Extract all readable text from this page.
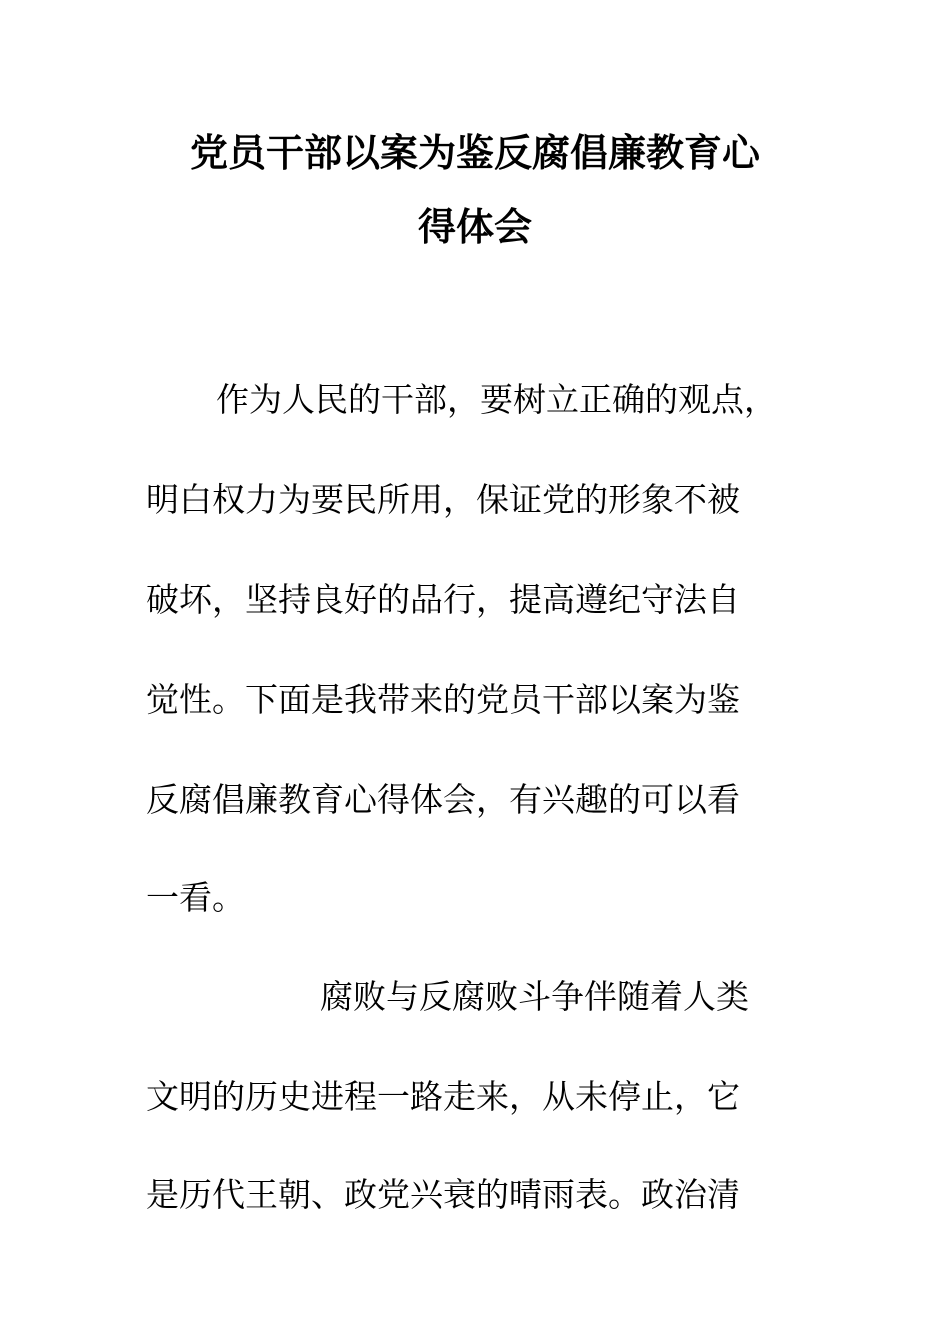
党员干部以案为鉴反腐倡廉教育心
得体会
作为人民的干部，要树立正确的观点，
明白权力为要民所用，保证党的形象不被
破坏，坚持良好的品行，提高遵纪守法自
觉性。下面是我带来的党员干部以案为鉴
反腐倡廉教育心得体会，有兴趣的可以看
一看。
腐败与反腐败斗争伴随着人类
文明的历史进程一路走来，从未停止，它
是历代王朝、政党兴衰的晴雨表。政治清
